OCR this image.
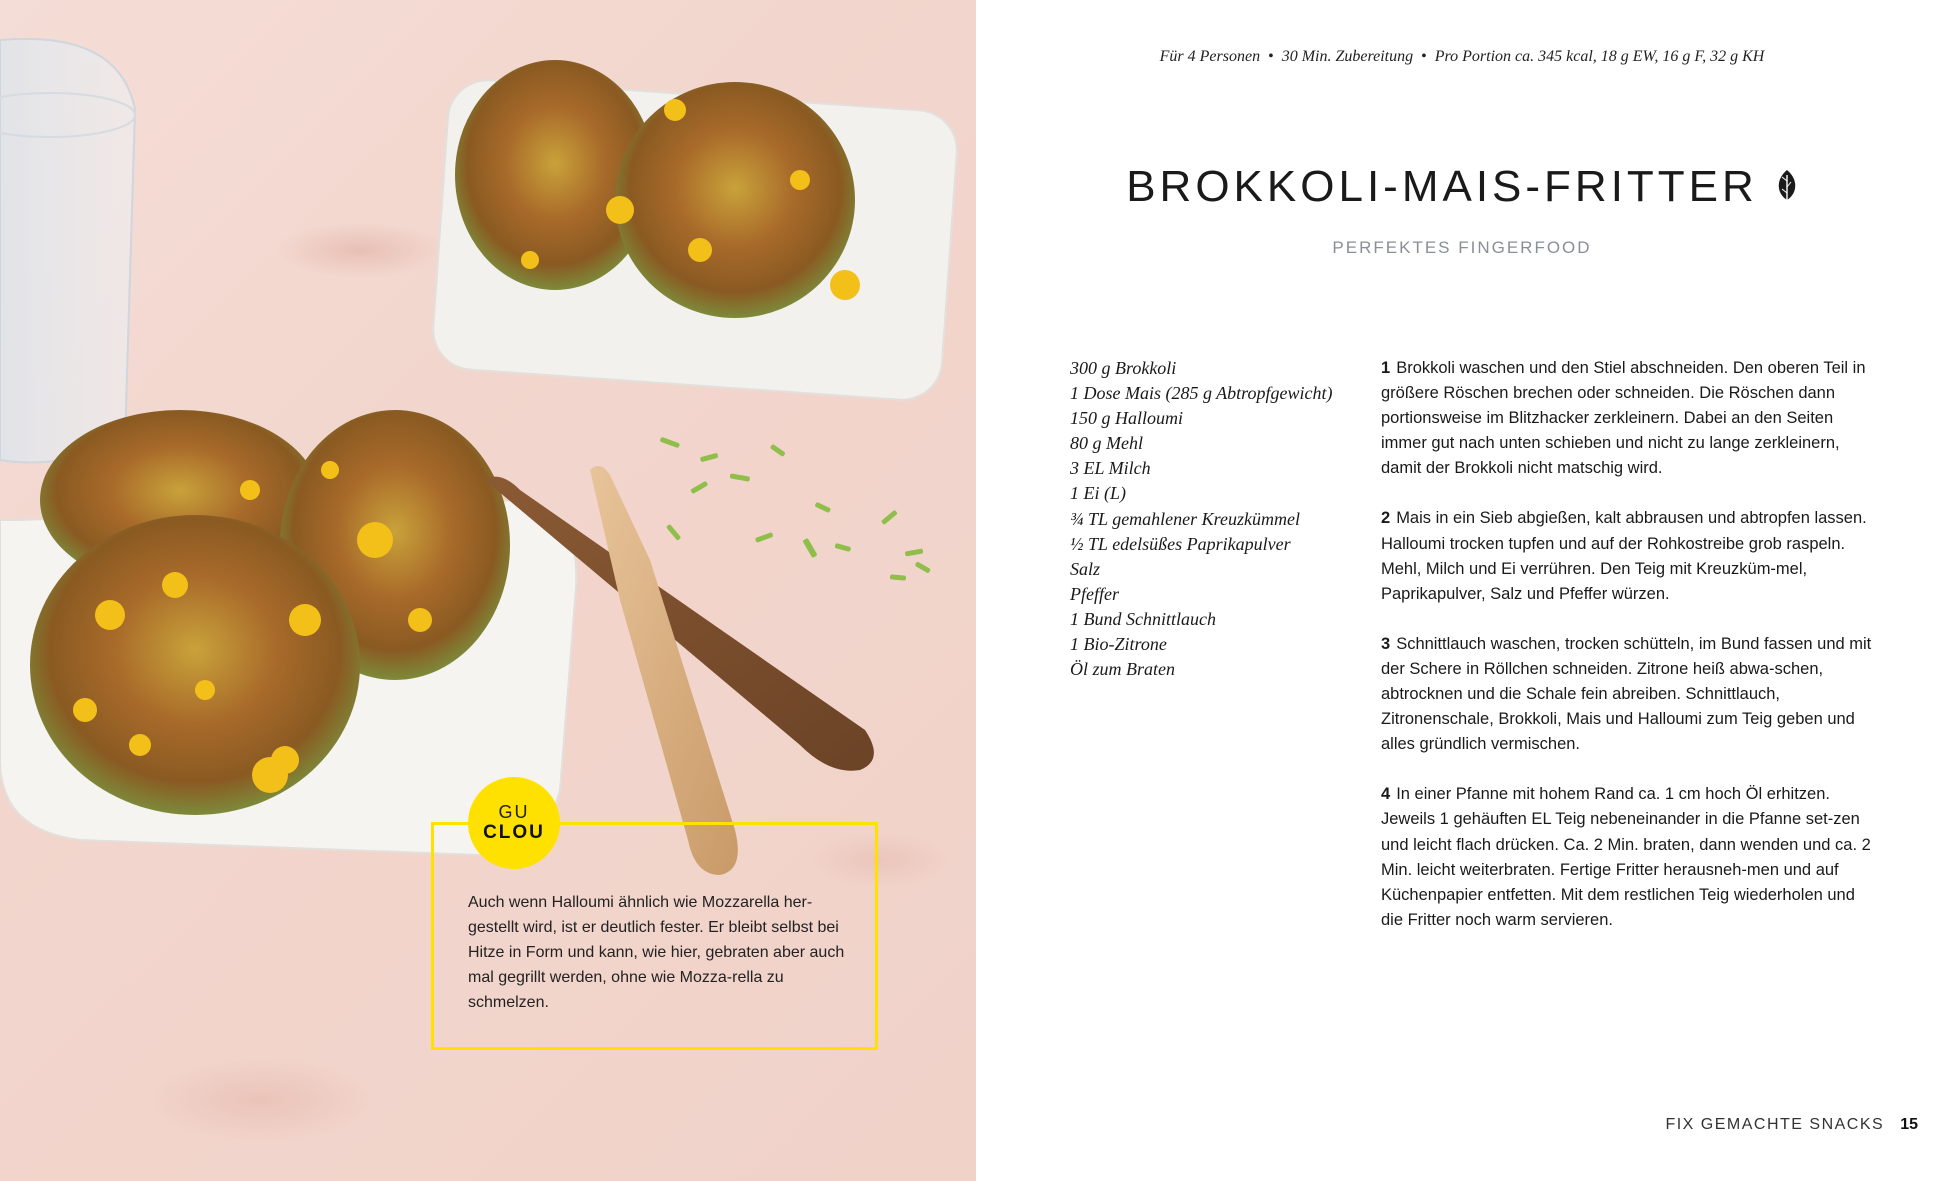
GU
CLOU
Auch wenn Halloumi ähnlich wie Mozzarella her-gestellt wird, ist er deutlich fester. Er bleibt selbst bei Hitze in Form und kann, wie hier, gebraten aber auch mal gegrillt werden, ohne wie Mozza-rella zu schmelzen.
Für 4 Personen • 30 Min. Zubereitung • Pro Portion ca. 345 kcal, 18 g EW, 16 g F, 32 g KH
BROKKOLI-MAIS-FRITTER
PERFEKTES FINGERFOOD
300 g Brokkoli
1 Dose Mais (285 g Abtropfgewicht)
150 g Halloumi
80 g Mehl
3 EL Milch
1 Ei (L)
¾ TL gemahlener Kreuzkümmel
½ TL edelsüßes Paprikapulver
Salz
Pfeffer
1 Bund Schnittlauch
1 Bio-Zitrone
Öl zum Braten

1 Brokkoli waschen und den Stiel abschneiden. Den oberen Teil in größere Röschen brechen oder schneiden. Die Röschen dann portionsweise im Blitzhacker zerkleinern. Dabei an den Seiten immer gut nach unten schieben und nicht zu lange zerkleinern, damit der Brokkoli nicht matschig wird.

2 Mais in ein Sieb abgießen, kalt abbrausen und abtropfen lassen. Halloumi trocken tupfen und auf der Rohkostreibe grob raspeln. Mehl, Milch und Ei verrühren. Den Teig mit Kreuzküm-mel, Paprikapulver, Salz und Pfeffer würzen.

3 Schnittlauch waschen, trocken schütteln, im Bund fassen und mit der Schere in Röllchen schneiden. Zitrone heiß abwa-schen, abtrocknen und die Schale fein abreiben. Schnittlauch, Zitronenschale, Brokkoli, Mais und Halloumi zum Teig geben und alles gründlich vermischen.

4 In einer Pfanne mit hohem Rand ca. 1 cm hoch Öl erhitzen. Jeweils 1 gehäuften EL Teig nebeneinander in die Pfanne set-zen und leicht flach drücken. Ca. 2 Min. braten, dann wenden und ca. 2 Min. leicht weiterbraten. Fertige Fritter herausneh-men und auf Küchenpapier entfetten. Mit dem restlichen Teig wiederholen und die Fritter noch warm servieren.

FIX GEMACHTE SNACKS 15
